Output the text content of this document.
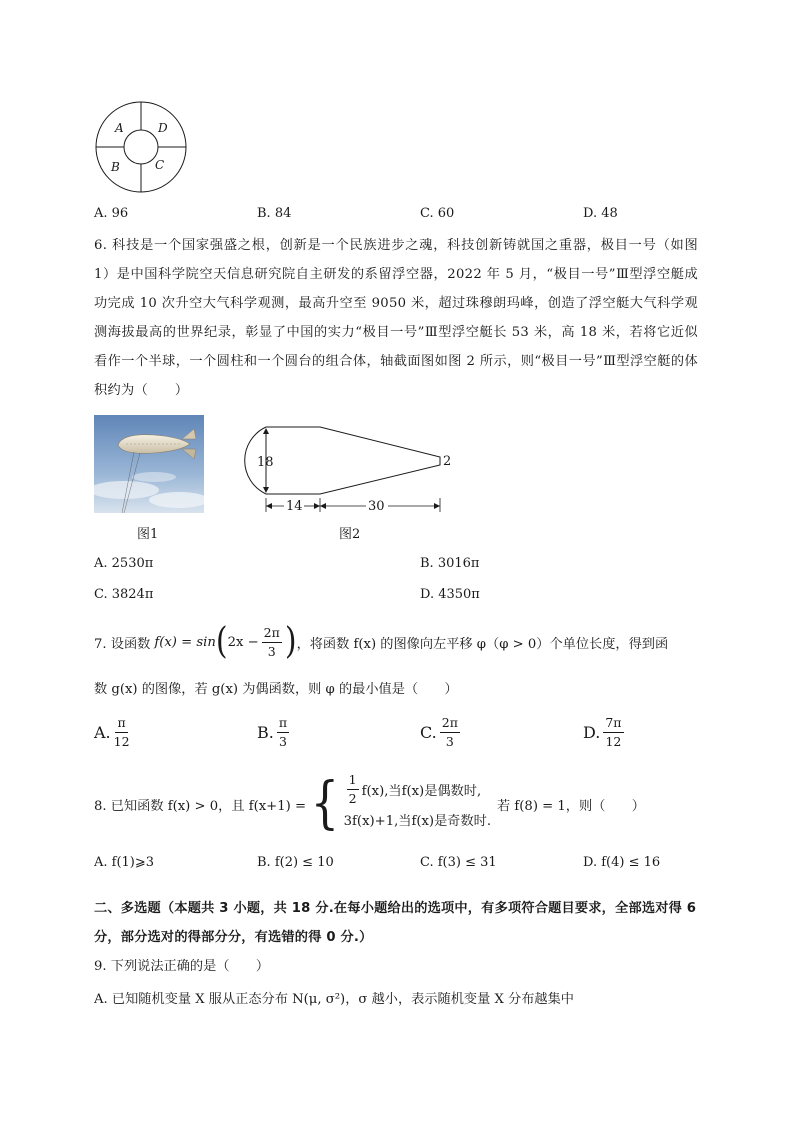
A	D
B	C
A. 96	B. 84	C. 60	D. 48
6. 科技是一个国家强盛之根，创新是一个民族进步之魂，科技创新铸就国之重器，极目一号（如图 1）是中国科学院空天信息研究院自主研发的系留浮空器，2022 年 5 月，“极目一号”Ⅲ型浮空艇成功完成 10 次升空大气科学观测，最高升空至 9050 米，超过珠穆朗玛峰，创造了浮空艇大气科学观测海拔最高的世界纪录，彰显了中国的实力“极目一号”Ⅲ型浮空艇长 53 米，高 18 米，若将它近似看作一个半球，一个圆柱和一个圆台的组合体，轴截面图如图 2 所示，则“极目一号”Ⅲ型浮空艇的体积约为（　　）
18	2
14	30
图1	图2
A. 2530π	B. 3016π
C. 3824π	D. 4350π
7. 设函数 f(x) = sin ( $2x - \frac{2\pi}{3}$ ) ，将函数 f(x) 的图像向左平移 φ（φ > 0）个单位长度，得到函
数 g(x) 的图像，若 g(x) 为偶函数，则 φ 的最小值是（　　）
A. $\frac{\pi}{12}$	B. $\frac{\pi}{3}$	C. $\frac{2\pi}{3}$	D. $\frac{7\pi}{12}$
8. 已知函数 f(x) > 0，且 f(x+1) = { $\frac{1}{2} f(x)$,当f(x)是偶数时,
3f(x)+1,当f(x)是奇数时.
若 f(8) = 1，则（　　）
A. f(1)⩾3	B. f(2) ≤ 10	C. f(3) ≤ 31	D. f(4) ≤ 16
二、多选题（本题共 3 小题，共 18 分.在每小题给出的选项中，有多项符合题目要求，全部选对得 6 分，部分选对的得部分分，有选错的得 0 分.）
9. 下列说法正确的是（　　）
A. 已知随机变量 X 服从正态分布 N(μ, σ²)，σ 越小，表示随机变量 X 分布越集中
